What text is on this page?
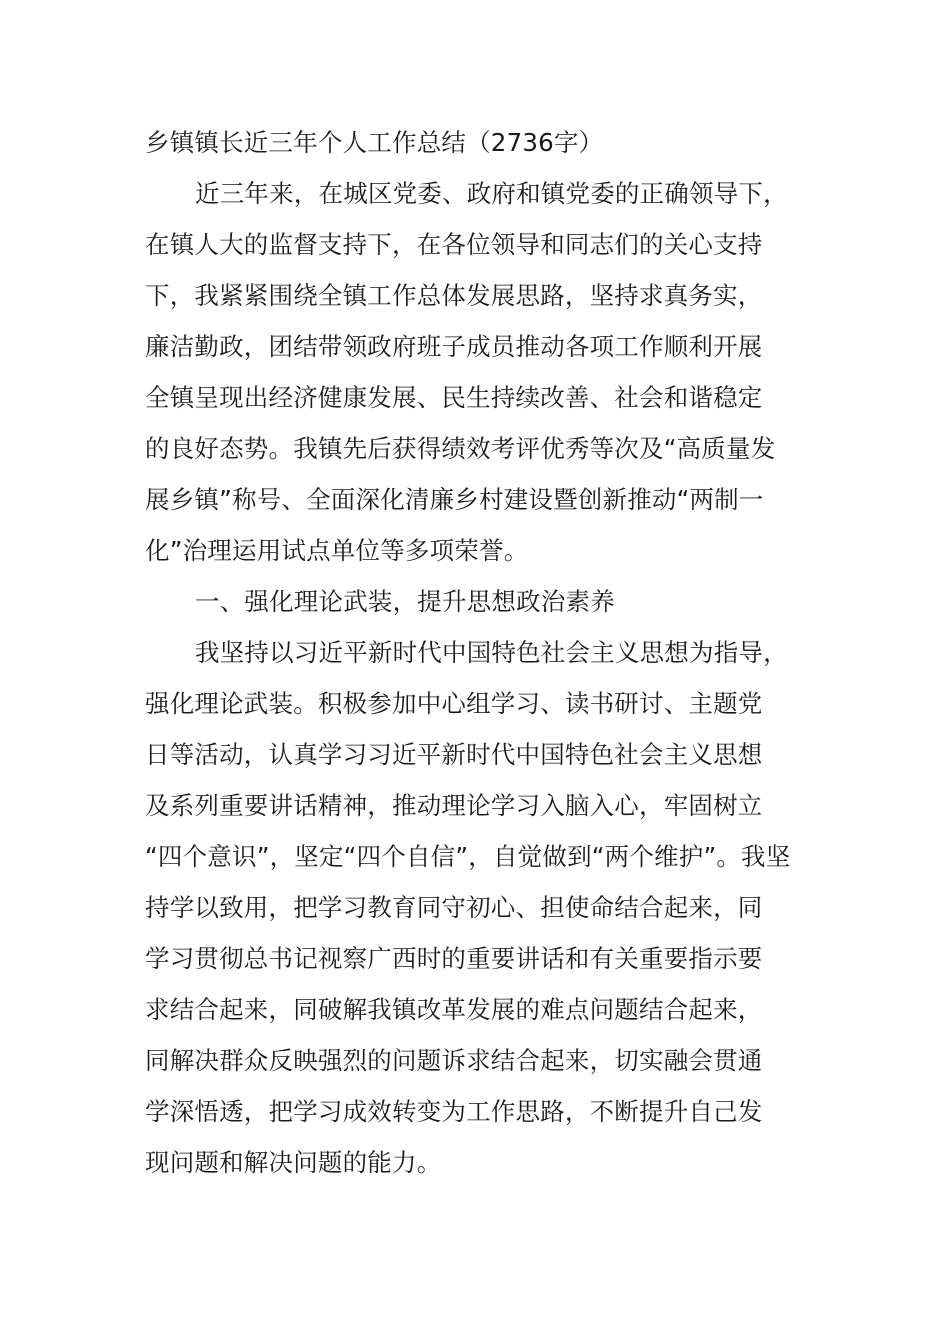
乡镇镇长近三年个人工作总结（2736字）
近三年来，在城区党委、政府和镇党委的正确领导下，
在镇人大的监督支持下，在各位领导和同志们的关心支持
下，我紧紧围绕全镇工作总体发展思路，坚持求真务实，
廉洁勤政，团结带领政府班子成员推动各项工作顺利开展
全镇呈现出经济健康发展、民生持续改善、社会和谐稳定
的良好态势。我镇先后获得绩效考评优秀等次及“高质量发
展乡镇”称号、全面深化清廉乡村建设暨创新推动“两制一
化”治理运用试点单位等多项荣誉。
一、强化理论武装，提升思想政治素养
我坚持以习近平新时代中国特色社会主义思想为指导，
强化理论武装。积极参加中心组学习、读书研讨、主题党
日等活动，认真学习习近平新时代中国特色社会主义思想
及系列重要讲话精神，推动理论学习入脑入心，牢固树立
“四个意识”，坚定“四个自信”，自觉做到“两个维护”。我坚
持学以致用，把学习教育同守初心、担使命结合起来，同
学习贯彻总书记视察广西时的重要讲话和有关重要指示要
求结合起来，同破解我镇改革发展的难点问题结合起来，
同解决群众反映强烈的问题诉求结合起来，切实融会贯通
学深悟透，把学习成效转变为工作思路，不断提升自己发
现问题和解决问题的能力。
